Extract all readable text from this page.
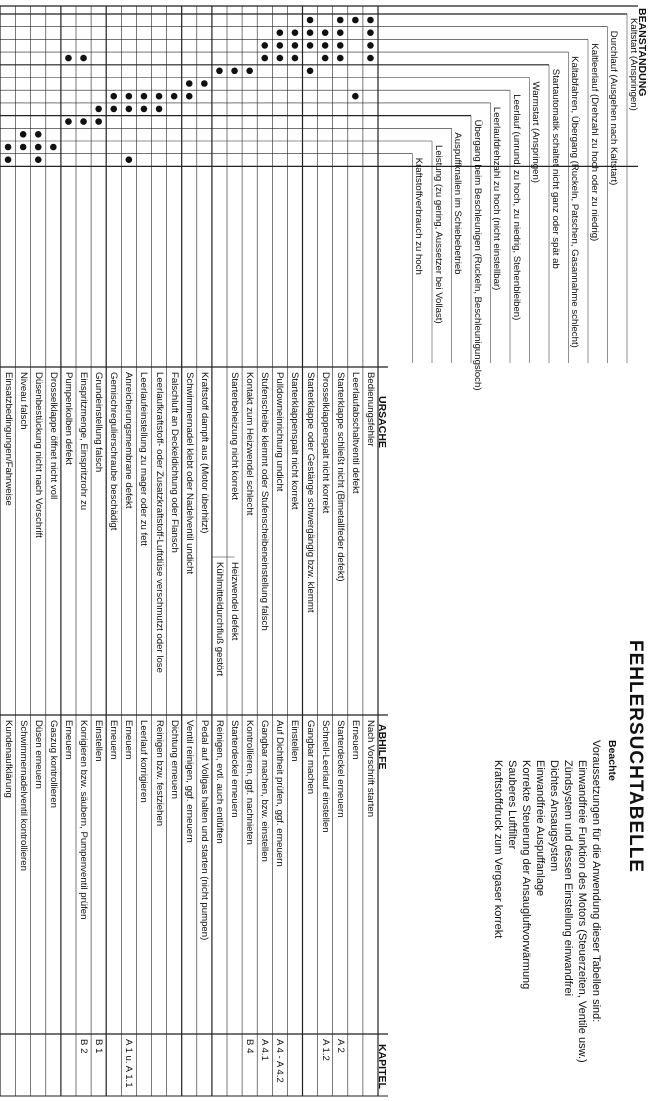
FEHLERSUCHTABELLE
BEANSTANDUNG
URSACHE
ABHILFE
KAPITEL
Beachte
Voraussetzungen für die Anwendung dieser Tabellen sind:
Einwandfreie Funktion des Motors (Steuerzeiten, Ventile usw.)
Zündsystem und dessen Einstellung einwandfrei
Dichtes Ansaugsystem
Einwandfreie Auspuffanlage
Korrekte Steuerung der Ansaugluftvorwärmung
Sauberes Luftfilter
Kraftstoffdruck zum Vergaser korrekt
Kaltstart (Anspringen)
Durchlauf (Ausgehen nach Kaltstart)
Kaltleerlauf (Drehzahl zu hoch oder zu niedrig)
Kaltabfahren, Übergang (Ruckeln, Patschen, Gasannahme schlecht)
Startautomatik schaltet nicht ganz oder spät ab
Warmstart (Anspringen)
Leerlauf (unrund, zu hoch, zu niedrig, Stehenbleiben)
Leerlaufdrehzahl zu hoch (nicht einstellbar)
Übergang beim Beschleunigen (Ruckeln, Beschleunigungsloch)
Auspuffknallen im Schiebebetrieb
Leistung (zu gering, Aussetzer bei Vollast)
Kraftstoffverbrauch zu hoch
Bedienungsfehler
Nach Vorschrift starten
Leerlaufabschaltventil defekt
Erneuern
Starterklappe schließt nicht (Bimetallfeder defekt)
Starterdeckel erneuern
A 2
Drosselklappenspalt nicht korrekt
Schnell-Leerlauf einstellen
A 1.2
Starterklappe oder Gestänge schwergängig bzw. klemmt
Gangbar machen
Starterklappenspalt nicht korrekt
Einstellen
Pulldowneinrichtung undicht
Auf Dichtheit prüfen, ggf. erneuern
A 4 - A 4.2
Stufenscheibe klemmt oder Stufenscheibeneinstellung falsch
Gangbar machen, bzw. einstellen
A 4.1
Kontakt zum Heizwendel schlecht
Kontrollieren, ggf. nachnieten
B 4
Starterbeheizung nicht korrekt
Heizwendel defekt
Starterdeckel erneuern
Kühlmitteldurchfluß gestört
Reinigen, evtl. auch entlüften
Kraftstoff dampft aus (Motor überhitzt)
Pedal auf Vollgas halten und starten (nicht pumpen)
Schwimmernadel klebt oder Nadelventil undicht
Ventil reinigen, ggf. erneuern
Falschluft an Deckeldichtung oder Flansch
Dichtung erneuern
Leerlaufkraftstoff- oder Zusatzkraftstoff-Luftdüse verschmutzt oder lose
Reinigen bzw. festziehen
Leerlaufeinstellung zu mager oder zu fett
Leerlauf korrigieren
Anreicherungsmembrane defekt
Erneuern
A 1 u. A 1.1
Gemischregulierschraube beschädigt
Erneuern
Grundeinstellung falsch
Einstellen
B 1
Einspritzmenge, Einspritzrohr zu
Korrigieren bzw. säubern, Pumpenventil prüfen
B 2
Pumpenkolben defekt
Erneuern
Drosselklappe öffnet nicht voll
Gaszug kontrollieren
Düsenbestückung nicht nach Vorschrift
Düsen erneuern
Niveau falsch
Schwimmernadelventil kontrollieren
Einsatzbedingungen/Fahrweise
Kundenaufklärung
